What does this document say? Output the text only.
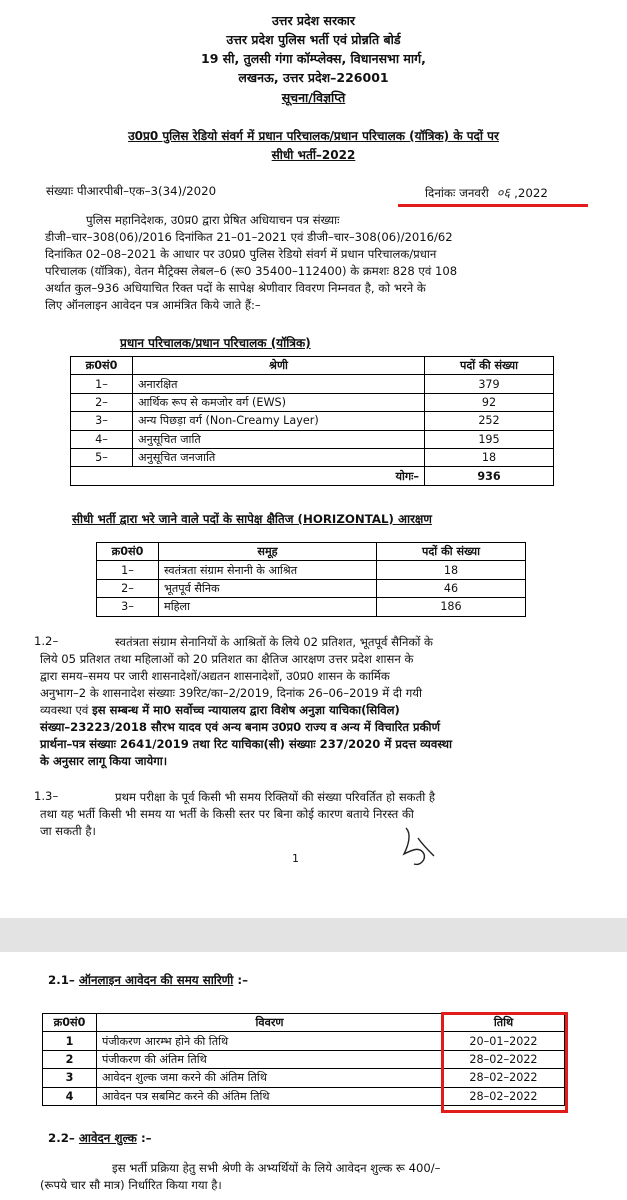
उत्तर प्रदेश सरकार
उत्तर प्रदेश पुलिस भर्ती एवं प्रोन्नति बोर्ड
19 सी, तुलसी गंगा कॉम्प्लेक्स, विधानसभा मार्ग,
लखनऊ, उत्तर प्रदेश–226001
सूचना/विज्ञप्ति
उ0प्र0 पुलिस रेडियो संवर्ग में प्रधान परिचालक/प्रधान परिचालक (यॉत्रिक) के पदों पर
सीधी भर्ती–2022
संख्याः पीआरपीबी–एक–3(34)/2020	दिनांकः जनवरी ०६ ,2022
पुलिस महानिदेशक, उ0प्र0 द्वारा प्रेषित अधियाचन पत्र संख्याः
डीजी–चार–308(06)/2016 दिनांकित 21–01–2021 एवं डीजी–चार–308(06)/2016/62
दिनांकित 02–08–2021 के आधार पर उ0प्र0 पुलिस रेडियो संवर्ग में प्रधान परिचालक/प्रधान
परिचालक (यॉत्रिक), वेतन मैट्रिक्स लेबल–6 (रू0 35400–112400) के क्रमशः 828 एवं 108
अर्थात कुल–936 अधियाचित रिक्त पदों के सापेक्ष श्रेणीवार विवरण निम्नवत है, को भरने के
लिए ऑनलाइन आवेदन पत्र आमंत्रित किये जाते हैं:–
प्रधान परिचालक/प्रधान परिचालक (यॉत्रिक)
क्र0सं0	श्रेणी	पदों की संख्या
1–	अनारक्षित	379
2–	आर्थिक रूप से कमजोर वर्ग (EWS)	92
3–	अन्य पिछड़ा वर्ग (Non-Creamy Layer)	252
4–	अनुसूचित जाति	195
5–	अनुसूचित जनजाति	18
योगः–		936
सीधी भर्ती द्वारा भरे जाने वाले पदों के सापेक्ष क्षैतिज (HORIZONTAL) आरक्षण
क्र0सं0	समूह	पदों की संख्या
1–	स्वतंत्रता संग्राम सेनानी के आश्रित	18
2–	भूतपूर्व सैनिक	46
3–	महिला	186
1.2–	स्वतंत्रता संग्राम सेनानियों के आश्रितों के लिये 02 प्रतिशत, भूतपूर्व सैनिकों के
लिये 05 प्रतिशत तथा महिलाओं को 20 प्रतिशत का क्षैतिज आरक्षण उत्तर प्रदेश शासन के
द्वारा समय–समय पर जारी शासनादेशों/अद्यतन शासनादेशों, उ0प्र0 शासन के कार्मिक
अनुभाग–2 के शासनादेश संख्याः 39रिट/का–2/2019, दिनांक 26–06–2019 में दी गयी
व्यवस्था एवं इस सम्बन्ध में मा0 सर्वोच्च न्यायालय द्वारा विशेष अनुज्ञा याचिका(सिविल)
संख्या–23223/2018 सौरभ यादव एवं अन्य बनाम उ0प्र0 राज्य व अन्य में विचारित प्रकीर्ण
प्रार्थना–पत्र संख्याः 2641/2019 तथा रिट याचिका(सी) संख्याः 237/2020 में प्रदत्त व्यवस्था
के अनुसार लागू किया जायेगा।
1.3–	प्रथम परीक्षा के पूर्व किसी भी समय रिक्तियों की संख्या परिवर्तित हो सकती है
तथा यह भर्ती किसी भी समय या भर्ती के किसी स्तर पर बिना कोई कारण बताये निरस्त की
जा सकती है।
1
2.1– ऑनलाइन आवेदन की समय सारिणी :–
क्र0सं0	विवरण	तिथि
1	पंजीकरण आरम्भ होने की तिथि	20–01–2022
2	पंजीकरण की अंतिम तिथि	28–02–2022
3	आवेदन शुल्क जमा करने की अंतिम तिथि	28–02–2022
4	आवेदन पत्र सबमिट करने की अंतिम तिथि	28–02–2022
2.2– आवेदन शुल्क :–
इस भर्ती प्रक्रिया हेतु सभी श्रेणी के अभ्यर्थियों के लिये आवेदन शुल्क रू 400/–
(रूपये चार सौ मात्र) निर्धारित किया गया है।
